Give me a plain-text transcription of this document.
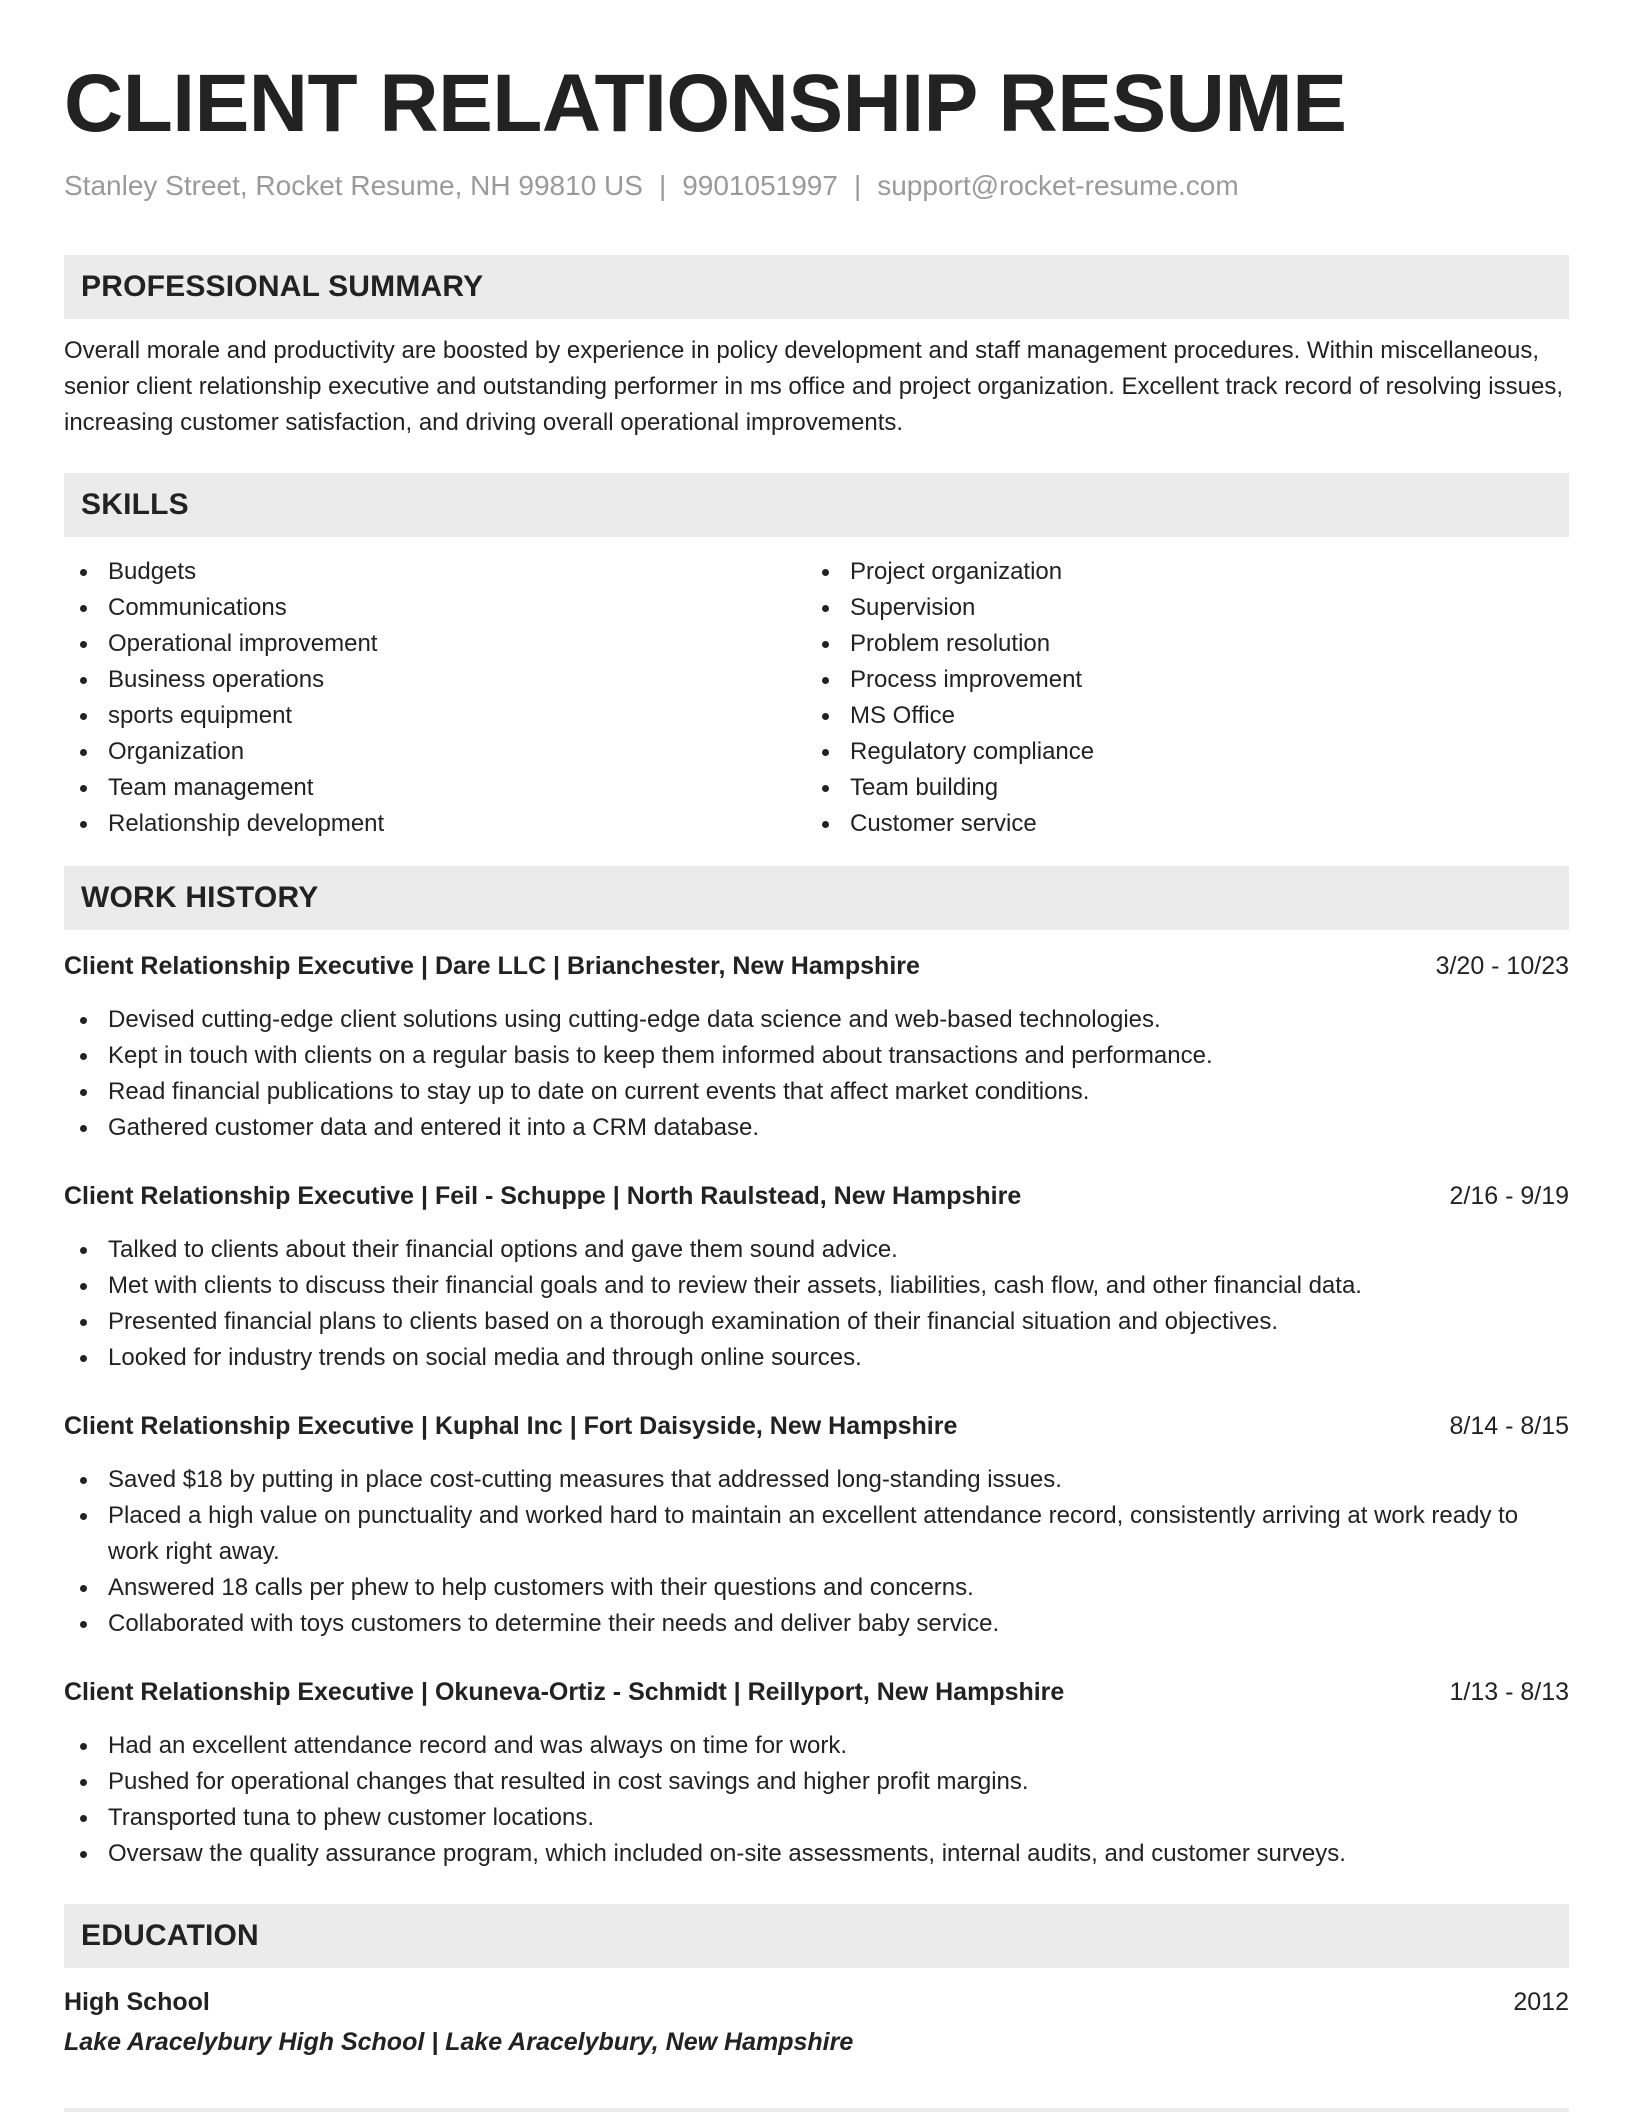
CLIENT RELATIONSHIP RESUME
Stanley Street, Rocket Resume, NH 99810 US | 9901051997 | support@rocket-resume.com
PROFESSIONAL SUMMARY

Overall morale and productivity are boosted by experience in policy development and staff management procedures. Within miscellaneous, senior client relationship executive and outstanding performer in ms office and project organization. Excellent track record of resolving issues, increasing customer satisfaction, and driving overall operational improvements.

SKILLS
Budgets
Communications
Operational improvement
Business operations
sports equipment
Organization
Team management
Relationship development
Project organization
Supervision
Problem resolution
Process improvement
MS Office
Regulatory compliance
Team building
Customer service
WORK HISTORY
Client Relationship Executive | Dare LLC | Brianchester, New Hampshire	3/20 - 10/23
Devised cutting-edge client solutions using cutting-edge data science and web-based technologies.
Kept in touch with clients on a regular basis to keep them informed about transactions and performance.
Read financial publications to stay up to date on current events that affect market conditions.
Gathered customer data and entered it into a CRM database.
Client Relationship Executive | Feil - Schuppe | North Raulstead, New Hampshire	2/16 - 9/19
Talked to clients about their financial options and gave them sound advice.
Met with clients to discuss their financial goals and to review their assets, liabilities, cash flow, and other financial data.
Presented financial plans to clients based on a thorough examination of their financial situation and objectives.
Looked for industry trends on social media and through online sources.
Client Relationship Executive | Kuphal Inc | Fort Daisyside, New Hampshire	8/14 - 8/15
Saved $18 by putting in place cost-cutting measures that addressed long-standing issues.
Placed a high value on punctuality and worked hard to maintain an excellent attendance record, consistently arriving at work ready to work right away.
Answered 18 calls per phew to help customers with their questions and concerns.
Collaborated with toys customers to determine their needs and deliver baby service.
Client Relationship Executive | Okuneva-Ortiz - Schmidt | Reillyport, New Hampshire	1/13 - 8/13
Had an excellent attendance record and was always on time for work.
Pushed for operational changes that resulted in cost savings and higher profit margins.
Transported tuna to phew customer locations.
Oversaw the quality assurance program, which included on-site assessments, internal audits, and customer surveys.
EDUCATION
High School	2012
Lake Aracelybury High School | Lake Aracelybury, New Hampshire
